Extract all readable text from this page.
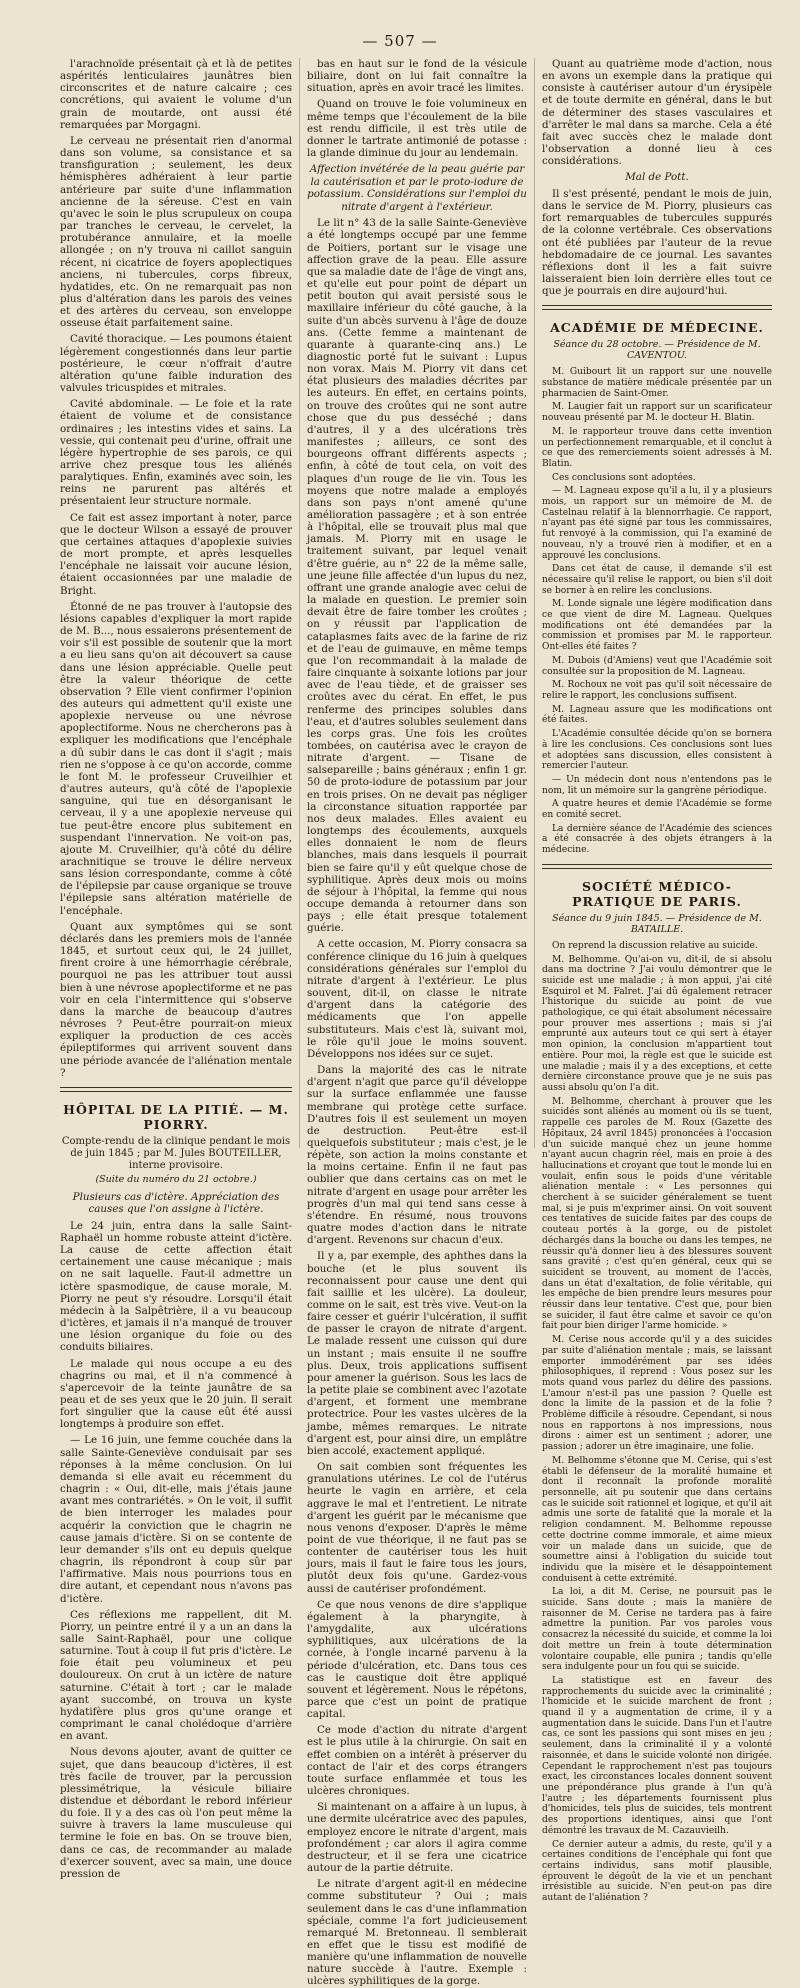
— 507 —

l'arachnoïde présentait çà et là de petites aspérités lenticulaires jaunâtres bien circonscrites et de nature calcaire ; ces concrétions, qui avaient le volume d'un grain de moutarde, ont aussi été remarquées par Morgagni.

Le cerveau ne présentait rien d'anormal dans son volume, sa consistance et sa transfiguration ; seulement, les deux hémisphères adhéraient à leur partie antérieure par suite d'une inflammation ancienne de la séreuse. C'est en vain qu'avec le soin le plus scrupuleux on coupa par tranches le cerveau, le cervelet, la protubérance annulaire, et la moelle allongée ; on n'y trouva ni caillot sanguin récent, ni cicatrice de foyers apoplectiques anciens, ni tubercules, corps fibreux, hydatides, etc. On ne remarquait pas non plus d'altération dans les parois des veines et des artères du cerveau, son enveloppe osseuse était parfaitement saine.

Cavité thoracique. — Les poumons étaient légèrement congestionnés dans leur partie postérieure, le cœur n'offrait d'autre altération qu'une faible induration des valvules tricuspides et mitrales.

Cavité abdominale. — Le foie et la rate étaient de volume et de consistance ordinaires ; les intestins vides et sains. La vessie, qui contenait peu d'urine, offrait une légère hypertrophie de ses parois, ce qui arrive chez presque tous les aliénés paralytiques. Enfin, examinés avec soin, les reins ne parurent pas altérés et présentaient leur structure normale.

Ce fait est assez important à noter, parce que le docteur Wilson a essayé de prouver que certaines attaques d'apoplexie suivies de mort prompte, et après lesquelles l'encéphale ne laissait voir aucune lésion, étaient occasionnées par une maladie de Bright.

Étonné de ne pas trouver à l'autopsie des lésions capables d'expliquer la mort rapide de M. B..., nous essaierons présentement de voir s'il est possible de soutenir que la mort a eu lieu sans qu'on ait découvert sa cause dans une lésion appréciable. Quelle peut être la valeur théorique de cette observation ? Elle vient confirmer l'opinion des auteurs qui admettent qu'il existe une apoplexie nerveuse ou une névrose apoplectiforme. Nous ne chercherons pas à expliquer les modifications que l'encéphale a dû subir dans le cas dont il s'agit ; mais rien ne s'oppose à ce qu'on accorde, comme le font M. le professeur Cruveilhier et d'autres auteurs, qu'à côté de l'apoplexie sanguine, qui tue en désorganisant le cerveau, il y a une apoplexie nerveuse qui tue peut-être encore plus subitement en suspendant l'innervation. Ne voit-on pas, ajoute M. Cruveilhier, qu'à côté du délire arachnitique se trouve le délire nerveux sans lésion correspondante, comme à côté de l'épilepsie par cause organique se trouve l'épilepsie sans altération matérielle de l'encéphale.

Quant aux symptômes qui se sont déclarés dans les premiers mois de l'année 1845, et surtout ceux qui, le 24 juillet, firent croire à une hémorrhagie cérébrale, pourquoi ne pas les attribuer tout aussi bien à une névrose apoplectiforme et ne pas voir en cela l'intermittence qui s'observe dans la marche de beaucoup d'autres névroses ? Peut-être pourrait-on mieux expliquer la production de ces accès épileptiformes qui arrivent souvent dans une période avancée de l'aliénation mentale ?

HÔPITAL DE LA PITIÉ. — M. PIORRY.
Compte-rendu de la clinique pendant le mois de juin 1845 ; par M. Jules BOUTEILLER, interne provisoire.
(Suite du numéro du 21 octobre.)
Plusieurs cas d'ictère. Appréciation des causes que l'on assigne à l'ictère.

Le 24 juin, entra dans la salle Saint-Raphaël un homme robuste atteint d'ictère. La cause de cette affection était certainement une cause mécanique ; mais on ne sait laquelle. Faut-il admettre un ictère spasmodique, de cause morale, M. Piorry ne peut s'y résoudre. Lorsqu'il était médecin à la Salpêtrière, il a vu beaucoup d'ictères, et jamais il n'a manqué de trouver une lésion organique du foie ou des conduits biliaires.

Le malade qui nous occupe a eu des chagrins ou mai, et il n'a commencé à s'apercevoir de la teinte jaunâtre de sa peau et de ses yeux que le 20 juin. Il serait fort singulier que la cause eût été aussi longtemps à produire son effet.

— Le 16 juin, une femme couchée dans la salle Sainte-Geneviève conduisait par ses réponses à la même conclusion. On lui demanda si elle avait eu récemment du chagrin : « Oui, dit-elle, mais j'étais jaune avant mes contrariétés. » On le voit, il suffit de bien interroger les malades pour acquérir la conviction que le chagrin ne cause jamais d'ictère. Si on se contente de leur demander s'ils ont eu depuis quelque chagrin, ils répondront à coup sûr par l'affirmative. Mais nous pourrions tous en dire autant, et cependant nous n'avons pas d'ictère.

Ces réflexions me rappellent, dit M. Piorry, un peintre entré il y a un an dans la salle Saint-Raphaël, pour une colique saturnine. Tout à coup il fut pris d'ictère. Le foie était peu volumineux et peu douloureux. On crut à un ictère de nature saturnine. C'était à tort ; car le malade ayant succombé, on trouva un kyste hydatifère plus gros qu'une orange et comprimant le canal cholédoque d'arrière en avant.

Nous devons ajouter, avant de quitter ce sujet, que dans beaucoup d'ictères, il est très facile de trouver, par la percussion plessimétrique, la vésicule biliaire distendue et débordant le rebord inférieur du foie. Il y a des cas où l'on peut même la suivre à travers la lame musculeuse qui termine le foie en bas. On se trouve bien, dans ce cas, de recommander au malade d'exercer souvent, avec sa main, une douce pression de

bas en haut sur le fond de la vésicule biliaire, dont on lui fait connaître la situation, après en avoir tracé les limites.

Quand on trouve le foie volumineux en même temps que l'écoulement de la bile est rendu difficile, il est très utile de donner le tartrate antimonié de potasse : la glande diminue du jour au lendemain.

Affection invétérée de la peau guérie par la cautérisation et par le proto-iodure de potassium. Considérations sur l'emploi du nitrate d'argent à l'extérieur.

Le lit n° 43 de la salle Sainte-Geneviève a été longtemps occupé par une femme de Poitiers, portant sur le visage une affection grave de la peau. Elle assure que sa maladie date de l'âge de vingt ans, et qu'elle eut pour point de départ un petit bouton qui avait persisté sous le maxillaire inférieur du côté gauche, à la suite d'un abcès survenu à l'âge de douze ans. (Cette femme a maintenant de quarante à quarante-cinq ans.) Le diagnostic porté fut le suivant : Lupus non vorax. Mais M. Piorry vit dans cet état plusieurs des maladies décrites par les auteurs. En effet, en certains points, on trouve des croûtes qui ne sont autre chose que du pus desséché ; dans d'autres, il y a des ulcérations très manifestes ; ailleurs, ce sont des bourgeons offrant différents aspects ; enfin, à côté de tout cela, on voit des plaques d'un rouge de lie vin. Tous les moyens que notre malade a employés dans son pays n'ont amené qu'une amélioration passagère ; et à son entrée à l'hôpital, elle se trouvait plus mal que jamais. M. Piorry mit en usage le traitement suivant, par lequel venait d'être guérie, au n° 22 de la même salle, une jeune fille affectée d'un lupus du nez, offrant une grande analogie avec celui de la malade en question. Le premier soin devait être de faire tomber les croûtes ; on y réussit par l'application de cataplasmes faits avec de la farine de riz et de l'eau de guimauve, en même temps que l'on recommandait à la malade de faire cinquante à soixante lotions par jour avec de l'eau tiède, et de graisser ses croûtes avec du cérat. En effet, le pus renferme des principes solubles dans l'eau, et d'autres solubles seulement dans les corps gras. Une fois les croûtes tombées, on cautérisa avec le crayon de nitrate d'argent. — Tisane de salsepareille ; bains généraux ; enfin 1 gr. 50 de proto-iodure de potassium par jour en trois prises. On ne devait pas négliger la circonstance situation rapportée par nos deux malades. Elles avaient eu longtemps des écoulements, auxquels elles donnaient le nom de fleurs blanches, mais dans lesquels il pourrait bien se faire qu'il y eût quelque chose de syphilitique. Après deux mois ou moins de séjour à l'hôpital, la femme qui nous occupe demanda à retourner dans son pays ; elle était presque totalement guérie.

A cette occasion, M. Piorry consacra sa conférence clinique du 16 juin à quelques considérations générales sur l'emploi du nitrate d'argent à l'extérieur. Le plus souvent, dit-il, on classe le nitrate d'argent dans la catégorie des médicaments que l'on appelle substituteurs. Mais c'est là, suivant moi, le rôle qu'il joue le moins souvent. Développons nos idées sur ce sujet.

Dans la majorité des cas le nitrate d'argent n'agit que parce qu'il développe sur la surface enflammée une fausse membrane qui protège cette surface. D'autres fois il est seulement un moyen de destruction. Peut-être est-il quelquefois substituteur ; mais c'est, je le répète, son action la moins constante et la moins certaine. Enfin il ne faut pas oublier que dans certains cas on met le nitrate d'argent en usage pour arrêter les progrès d'un mal qui tend sans cesse à s'étendre. En résumé, nous trouvons quatre modes d'action dans le nitrate d'argent. Revenons sur chacun d'eux.

Il y a, par exemple, des aphthes dans la bouche (et le plus souvent ils reconnaissent pour cause une dent qui fait saillie et les ulcère). La douleur, comme on le sait, est très vive. Veut-on la faire cesser et guérir l'ulcération, il suffit de passer le crayon de nitrate d'argent. Le malade ressent une cuisson qui dure un instant ; mais ensuite il ne souffre plus. Deux, trois applications suffisent pour amener la guérison. Sous les lacs de la petite plaie se combinent avec l'azotate d'argent, et forment une membrane protectrice. Pour les vastes ulcères de la jambe, mêmes remarques. Le nitrate d'argent est, pour ainsi dire, un emplâtre bien accolé, exactement appliqué.

On sait combien sont fréquentes les granulations utérines. Le col de l'utérus heurte le vagin en arrière, et cela aggrave le mal et l'entretient. Le nitrate d'argent les guérit par le mécanisme que nous venons d'exposer. D'après le même point de vue théorique, il ne faut pas se contenter de cautériser tous les huit jours, mais il faut le faire tous les jours, plutôt deux fois qu'une. Gardez-vous aussi de cautériser profondément.

Ce que nous venons de dire s'applique également à la pharyngite, à l'amygdalite, aux ulcérations syphilitiques, aux ulcérations de la cornée, à l'ongle incarné parvenu à la période d'ulcération, etc. Dans tous ces cas le caustique doit être appliqué souvent et légèrement. Nous le répétons, parce que c'est un point de pratique capital.

Ce mode d'action du nitrate d'argent est le plus utile à la chirurgie. On sait en effet combien on a intérêt à préserver du contact de l'air et des corps étrangers toute surface enflammée et tous les ulcères chroniques.

Si maintenant on a affaire à un lupus, à une dermite ulcératrice avec des papules, employez encore le nitrate d'argent, mais profondément ; car alors il agira comme destructeur, et il se fera une cicatrice autour de la partie détruite.

Le nitrate d'argent agit-il en médecine comme substituteur ? Oui ; mais seulement dans le cas d'une inflammation spéciale, comme l'a fort judicieusement remarqué M. Bretonneau. Il semblerait en effet que le tissu est modifié de manière qu'une inflammation de nouvelle nature succède à l'autre. Exemple : ulcères syphilitiques de la gorge.

Quant au quatrième mode d'action, nous en avons un exemple dans la pratique qui consiste à cautériser autour d'un érysipèle et de toute dermite en général, dans le but de déterminer des stases vasculaires et d'arrêter le mal dans sa marche. Cela a été fait avec succès chez le malade dont l'observation a donné lieu à ces considérations.

Mal de Pott.

Il s'est présenté, pendant le mois de juin, dans le service de M. Piorry, plusieurs cas fort remarquables de tubercules suppurés de la colonne vertébrale. Ces observations ont été publiées par l'auteur de la revue hebdomadaire de ce journal. Les savantes réflexions dont il les a fait suivre laisseraient bien loin derrière elles tout ce que je pourrais en dire aujourd'hui.

ACADÉMIE DE MÉDECINE.
Séance du 28 octobre. — Présidence de M. CAVENTOU.

M. Guibourt lit un rapport sur une nouvelle substance de matière médicale présentée par un pharmacien de Saint-Omer.

M. Laugier fait un rapport sur un scarificateur nouveau présenté par M. le docteur H. Blatin.

M. le rapporteur trouve dans cette invention un perfectionnement remarquable, et il conclut à ce que des remerciements soient adressés à M. Blatin.

Ces conclusions sont adoptées.

— M. Lagneau expose qu'il a lu, il y a plusieurs mois, un rapport sur un mémoire de M. de Castelnau relatif à la blennorrhagie. Ce rapport, n'ayant pas été signé par tous les commissaires, fut renvoyé à la commission, qui l'a examiné de nouveau, n'y a trouvé rien à modifier, et en a approuvé les conclusions.

Dans cet état de cause, il demande s'il est nécessaire qu'il relise le rapport, ou bien s'il doit se borner à en relire les conclusions.

M. Londe signale une légère modification dans ce que vient de dire M. Lagneau. Quelques modifications ont été demandées par la commission et promises par M. le rapporteur. Ont-elles été faites ?

M. Dubois (d'Amiens) veut que l'Académie soit consultée sur la proposition de M. Lagneau.

M. Rochoux ne voit pas qu'il soit nécessaire de relire le rapport, les conclusions suffisent.

M. Lagneau assure que les modifications ont été faites.

L'Académie consultée décide qu'on se bornera à lire les conclusions. Ces conclusions sont lues et adoptées sans discussion, elles consistent à remercier l'auteur.

— Un médecin dont nous n'entendons pas le nom, lit un mémoire sur la gangrène périodique.

A quatre heures et demie l'Académie se forme en comité secret.

La dernière séance de l'Académie des sciences a été consacrée à des objets étrangers à la médecine.

SOCIÉTÉ MÉDICO-PRATIQUE DE PARIS.
Séance du 9 juin 1845. — Présidence de M. BATAILLE.

On reprend la discussion relative au suicide.

M. Belhomme. Qu'ai-on vu, dit-il, de si absolu dans ma doctrine ? J'ai voulu démontrer que le suicide est une maladie ; à mon appui, j'ai cité Esquirol et M. Falret. J'ai dû également retracer l'historique du suicide au point de vue pathologique, ce qui était absolument nécessaire pour prouver mes assertions ; mais si j'ai emprunté aux auteurs tout ce qui sert à étayer mon opinion, la conclusion m'appartient tout entière. Pour moi, la règle est que le suicide est une maladie ; mais il y a des exceptions, et cette dernière circonstance prouve que je ne suis pas aussi absolu qu'on l'a dit.

M. Belhomme, cherchant à prouver que les suicidés sont aliénés au moment où ils se tuent, rappelle ces paroles de M. Roux (Gazette des Hôpitaux, 24 avril 1845) prononcées à l'occasion d'un suicide manqué chez un jeune homme n'ayant aucun chagrin réel, mais en proie à des hallucinations et croyant que tout le monde lui en voulait, enfin sous le poids d'une véritable aliénation mentale : « Les personnes qui cherchent à se suicider généralement se tuent mal, si je puis m'exprimer ainsi. On voit souvent ces tentatives de suicide faites par des coups de couteau portés à la gorge, ou de pistolet déchargés dans la bouche ou dans les tempes, ne réussir qu'à donner lieu à des blessures souvent sans gravité ; c'est qu'en général, ceux qui se suicident se trouvent, au moment de l'accès, dans un état d'exaltation, de folie véritable, qui les empêche de bien prendre leurs mesures pour réussir dans leur tentative. C'est que, pour bien se suicider, il faut être calme et savoir ce qu'on fait pour bien diriger l'arme homicide. »

M. Cerise nous accorde qu'il y a des suicides par suite d'aliénation mentale ; mais, se laissant emporter immodérément par ses idées philosophiques, il reprend : Vous posez sur les mots quand vous parlez du délire des passions. L'amour n'est-il pas une passion ? Quelle est donc la limite de la passion et de la folie ? Problème difficile à résoudre. Cependant, si nous nous en rapportons à nos impressions, nous dirons : aimer est un sentiment ; adorer, une passion ; adorer un être imaginaire, une folie.

M. Belhomme s'étonne que M. Cerise, qui s'est établi le défenseur de la moralité humaine et dont il reconnaît la profonde moralité personnelle, ait pu soutenir que dans certains cas le suicide soit rationnel et logique, et qu'il ait admis une sorte de fatalité que la morale et la religion condamnent. M. Belhomme repousse cette doctrine comme immorale, et aime mieux voir un malade dans un suicide, que de soumettre ainsi à l'obligation du suicide tout individu que la misère et le désappointement conduisent à cette extrémité.

La loi, a dit M. Cerise, ne poursuit pas le suicide. Sans doute ; mais la manière de raisonner de M. Cerise ne tardera pas à faire admettre la punition. Par vos paroles vous consacrez la nécessité du suicide, et comme la loi doit mettre un frein à toute détermination volontaire coupable, elle punira ; tandis qu'elle sera indulgente pour un fou qui se suicide.

La statistique est en faveur des rapprochements du suicide avec la criminalité ; l'homicide et le suicide marchent de front ; quand il y a augmentation de crime, il y a augmentation dans le suicide. Dans l'un et l'autre cas, ce sont les passions qui sont mises en jeu ; seulement, dans la criminalité il y a volonté raisonnée, et dans le suicide volonté non dirigée. Cependant le rapprochement n'est pas toujours exact, les circonstances locales donnent souvent une prépondérance plus grande à l'un qu'à l'autre ; les départements fournissent plus d'homicides, tels plus de suicides, tels montrent des proportions identiques, ainsi que l'ont démontré les travaux de M. Cazauvieilh.

Ce dernier auteur a admis, du reste, qu'il y a certaines conditions de l'encéphale qui font que certains individus, sans motif plausible, éprouvent le dégoût de la vie et un penchant irrésistible au suicide. N'en peut-on pas dire autant de l'aliénation ?
